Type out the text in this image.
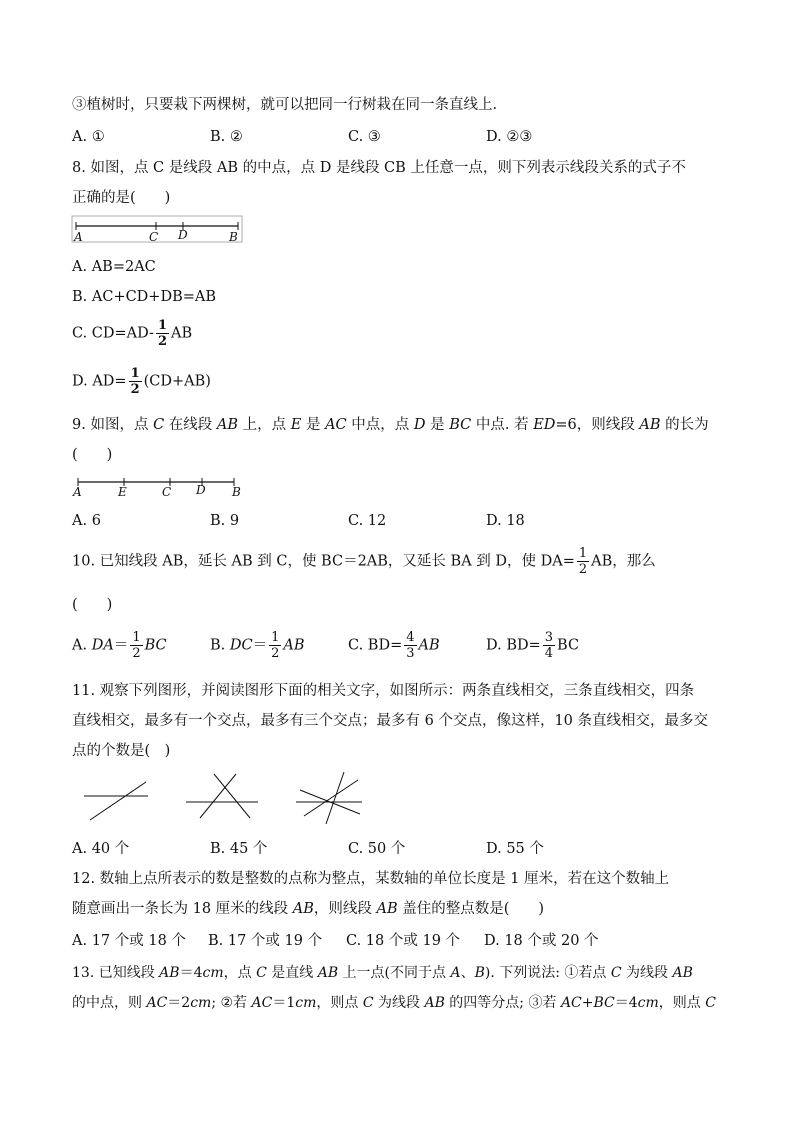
③植树时，只要栽下两棵树，就可以把同一行树栽在同一条直线上.
A. ①	B. ②	C. ③	D. ②③
8. 如图，点 C 是线段 AB 的中点，点 D 是线段 CB 上任意一点，则下列表示线段关系的式子不
正确的是(　　)
A	C D	B
A. AB=2AC
B. AC+CD+DB=AB
C. $CD=AD- \frac{1}{2}$ AB
D. $AD= \frac{1}{2} (CD+AB)$
9. 如图，点 C 在线段 AB 上，点 E 是 AC 中点，点 D 是 BC 中点. 若 ED=6，则线段 AB 的长为
(　　)
A	E	C D B
A. 6	B. 9	C. 12	D. 18
10. 已知线段 AB，延长 AB 到 C，使 BC＝2AB，又延长 BA 到 D，使 $DA= \frac{1}{2}$ AB，那么
(　　)
A. $DA= \frac{1}{2}$ BC	B. $DC= \frac{1}{2}$ AB	C. $BD= \frac{4}{3}$ AB	D. $BD= \frac{3}{4}$ BC
11. 观察下列图形，并阅读图形下面的相关文字，如图所示：两条直线相交，三条直线相交，四条
直线相交，最多有一个交点，最多有三个交点；最多有 6 个交点，像这样，10 条直线相交，最多交
点的个数是(　)
A. 40 个	B. 45 个	C. 50 个	D. 55 个
12. 数轴上点所表示的数是整数的点称为整点，某数轴的单位长度是 1 厘米，若在这个数轴上
随意画出一条长为 18 厘米的线段 AB，则线段 AB 盖住的整点数是(　　)
A. 17 个或 18 个 B. 17 个或 19 个 C. 18 个或 19 个 D. 18 个或 20 个
13. 已知线段 AB＝4cm，点 C 是直线 AB 上一点(不同于点 A、B). 下列说法: ①若点 C 为线段 AB
的中点，则 AC＝2cm; ②若 AC＝1cm，则点 C 为线段 AB 的四等分点; ③若 AC+BC＝4cm，则点 C
